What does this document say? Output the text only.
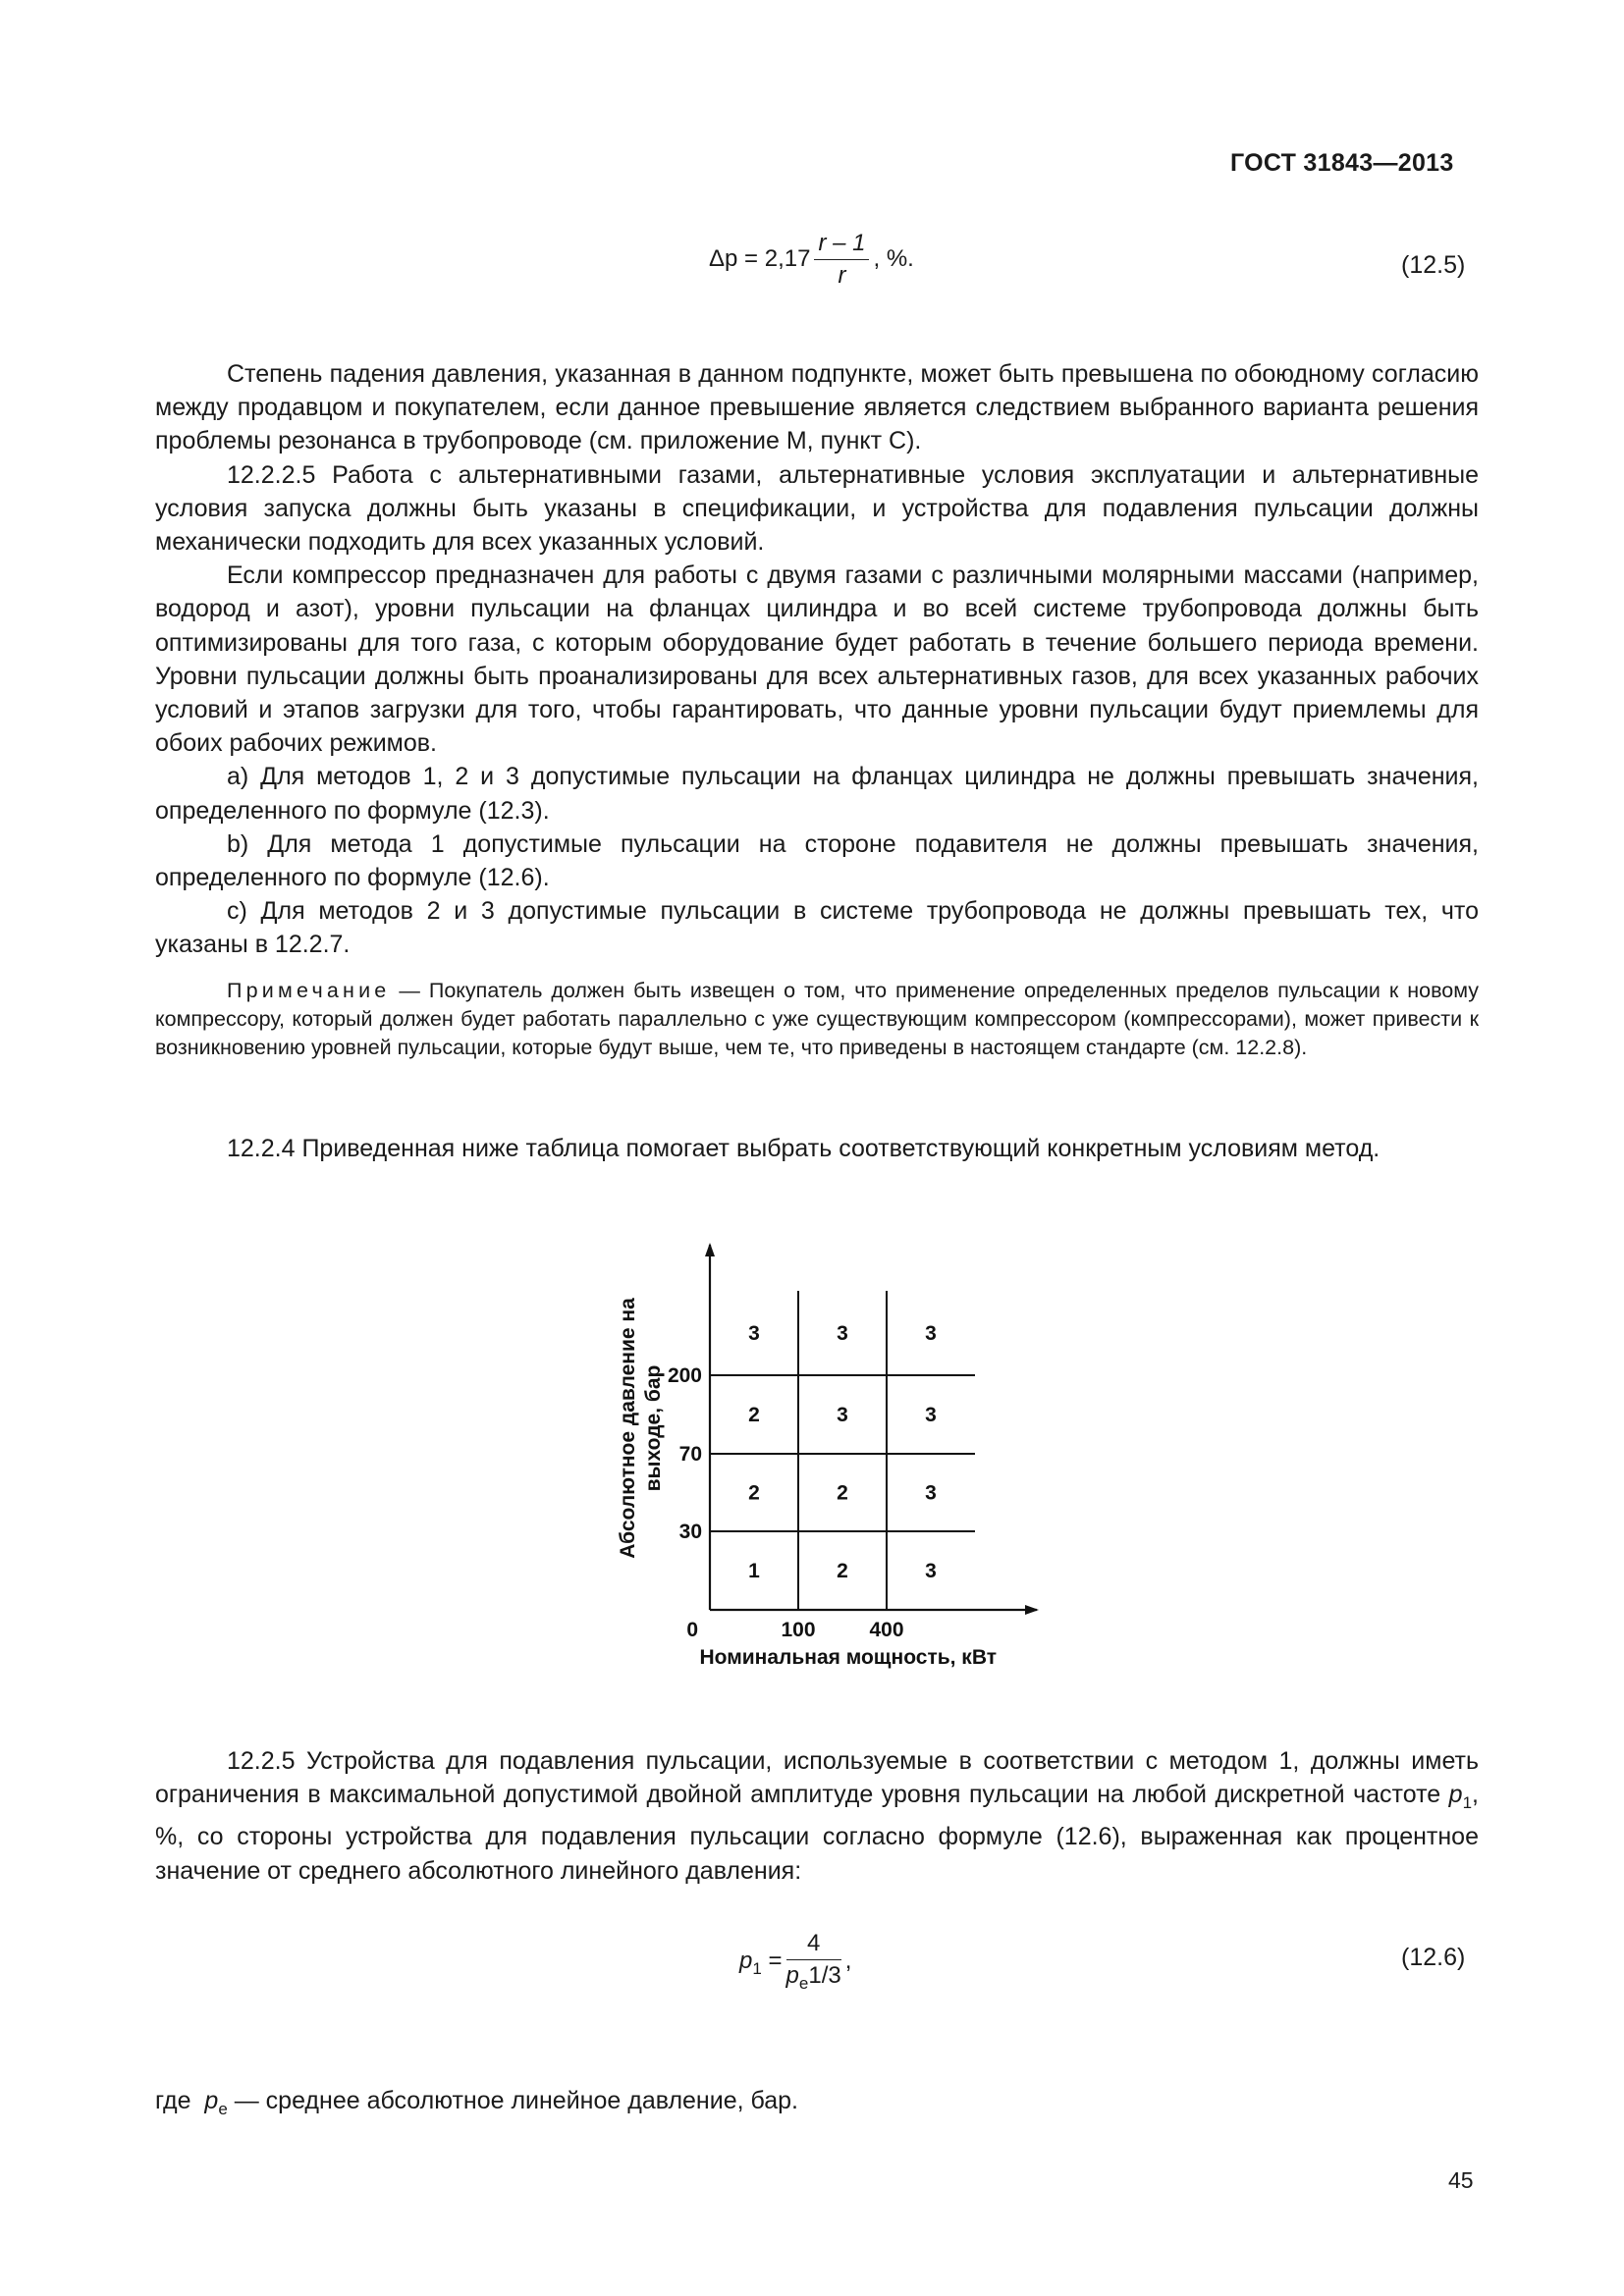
ГОСТ 31843—2013
$\Delta p = 2,17 \frac{r - 1}{r}$ , %.	(12.5)

Степень падения давления, указанная в данном подпункте, может быть превышена по обоюдному согласию между продавцом и покупателем, если данное превышение является следствием выбранного варианта решения проблемы резонанса в трубопроводе (см. приложение М, пункт С).

12.2.2.5 Работа с альтернативными газами, альтернативные условия эксплуатации и альтернативные условия запуска должны быть указаны в спецификации, и устройства для подавления пульсации должны механически подходить для всех указанных условий.

Если компрессор предназначен для работы с двумя газами с различными молярными массами (например, водород и азот), уровни пульсации на фланцах цилиндра и во всей системе трубопровода должны быть оптимизированы для того газа, с которым оборудование будет работать в течение большего периода времени. Уровни пульсации должны быть проанализированы для всех альтернативных газов, для всех указанных рабочих условий и этапов загрузки для того, чтобы гарантировать, что данные уровни пульсации будут приемлемы для обоих рабочих режимов.

a) Для методов 1, 2 и 3 допустимые пульсации на фланцах цилиндра не должны превышать значения, определенного по формуле (12.3).

b) Для метода 1 допустимые пульсации на стороне подавителя не должны превышать значения, определенного по формуле (12.6).

c) Для методов 2 и 3 допустимые пульсации в системе трубопровода не должны превышать тех, что указаны в 12.2.7.

Примечание — Покупатель должен быть извещен о том, что применение определенных пределов пульсации к новому компрессору, который должен будет работать параллельно с уже существующим компрессором (компрессорами), может привести к возникновению уровней пульсации, которые будут выше, чем те, что приведены в настоящем стандарте (см. 12.2.8).

12.2.4 Приведенная ниже таблица помогает выбрать соответствующий конкретным условиям метод.

1	2	3
2	2	3
2	3	3
3	3	3
30
70
200
0	100	400
Номинальная мощность, кВт
Абсолютное давление на выходе, бар

12.2.5 Устройства для подавления пульсации, используемые в соответствии с методом 1, должны иметь ограничения в максимальной допустимой двойной амплитуде уровня пульсации на любой дискретной частоте $p_1$, %, со стороны устройства для подавления пульсации согласно формуле (12.6), выраженная как процентное значение от среднего абсолютного линейного давления:

$p_1 = \frac{4}{p_e1/3}$ ,	(12.6)
где $p_e$ — среднее абсолютное линейное давление, бар.
45
